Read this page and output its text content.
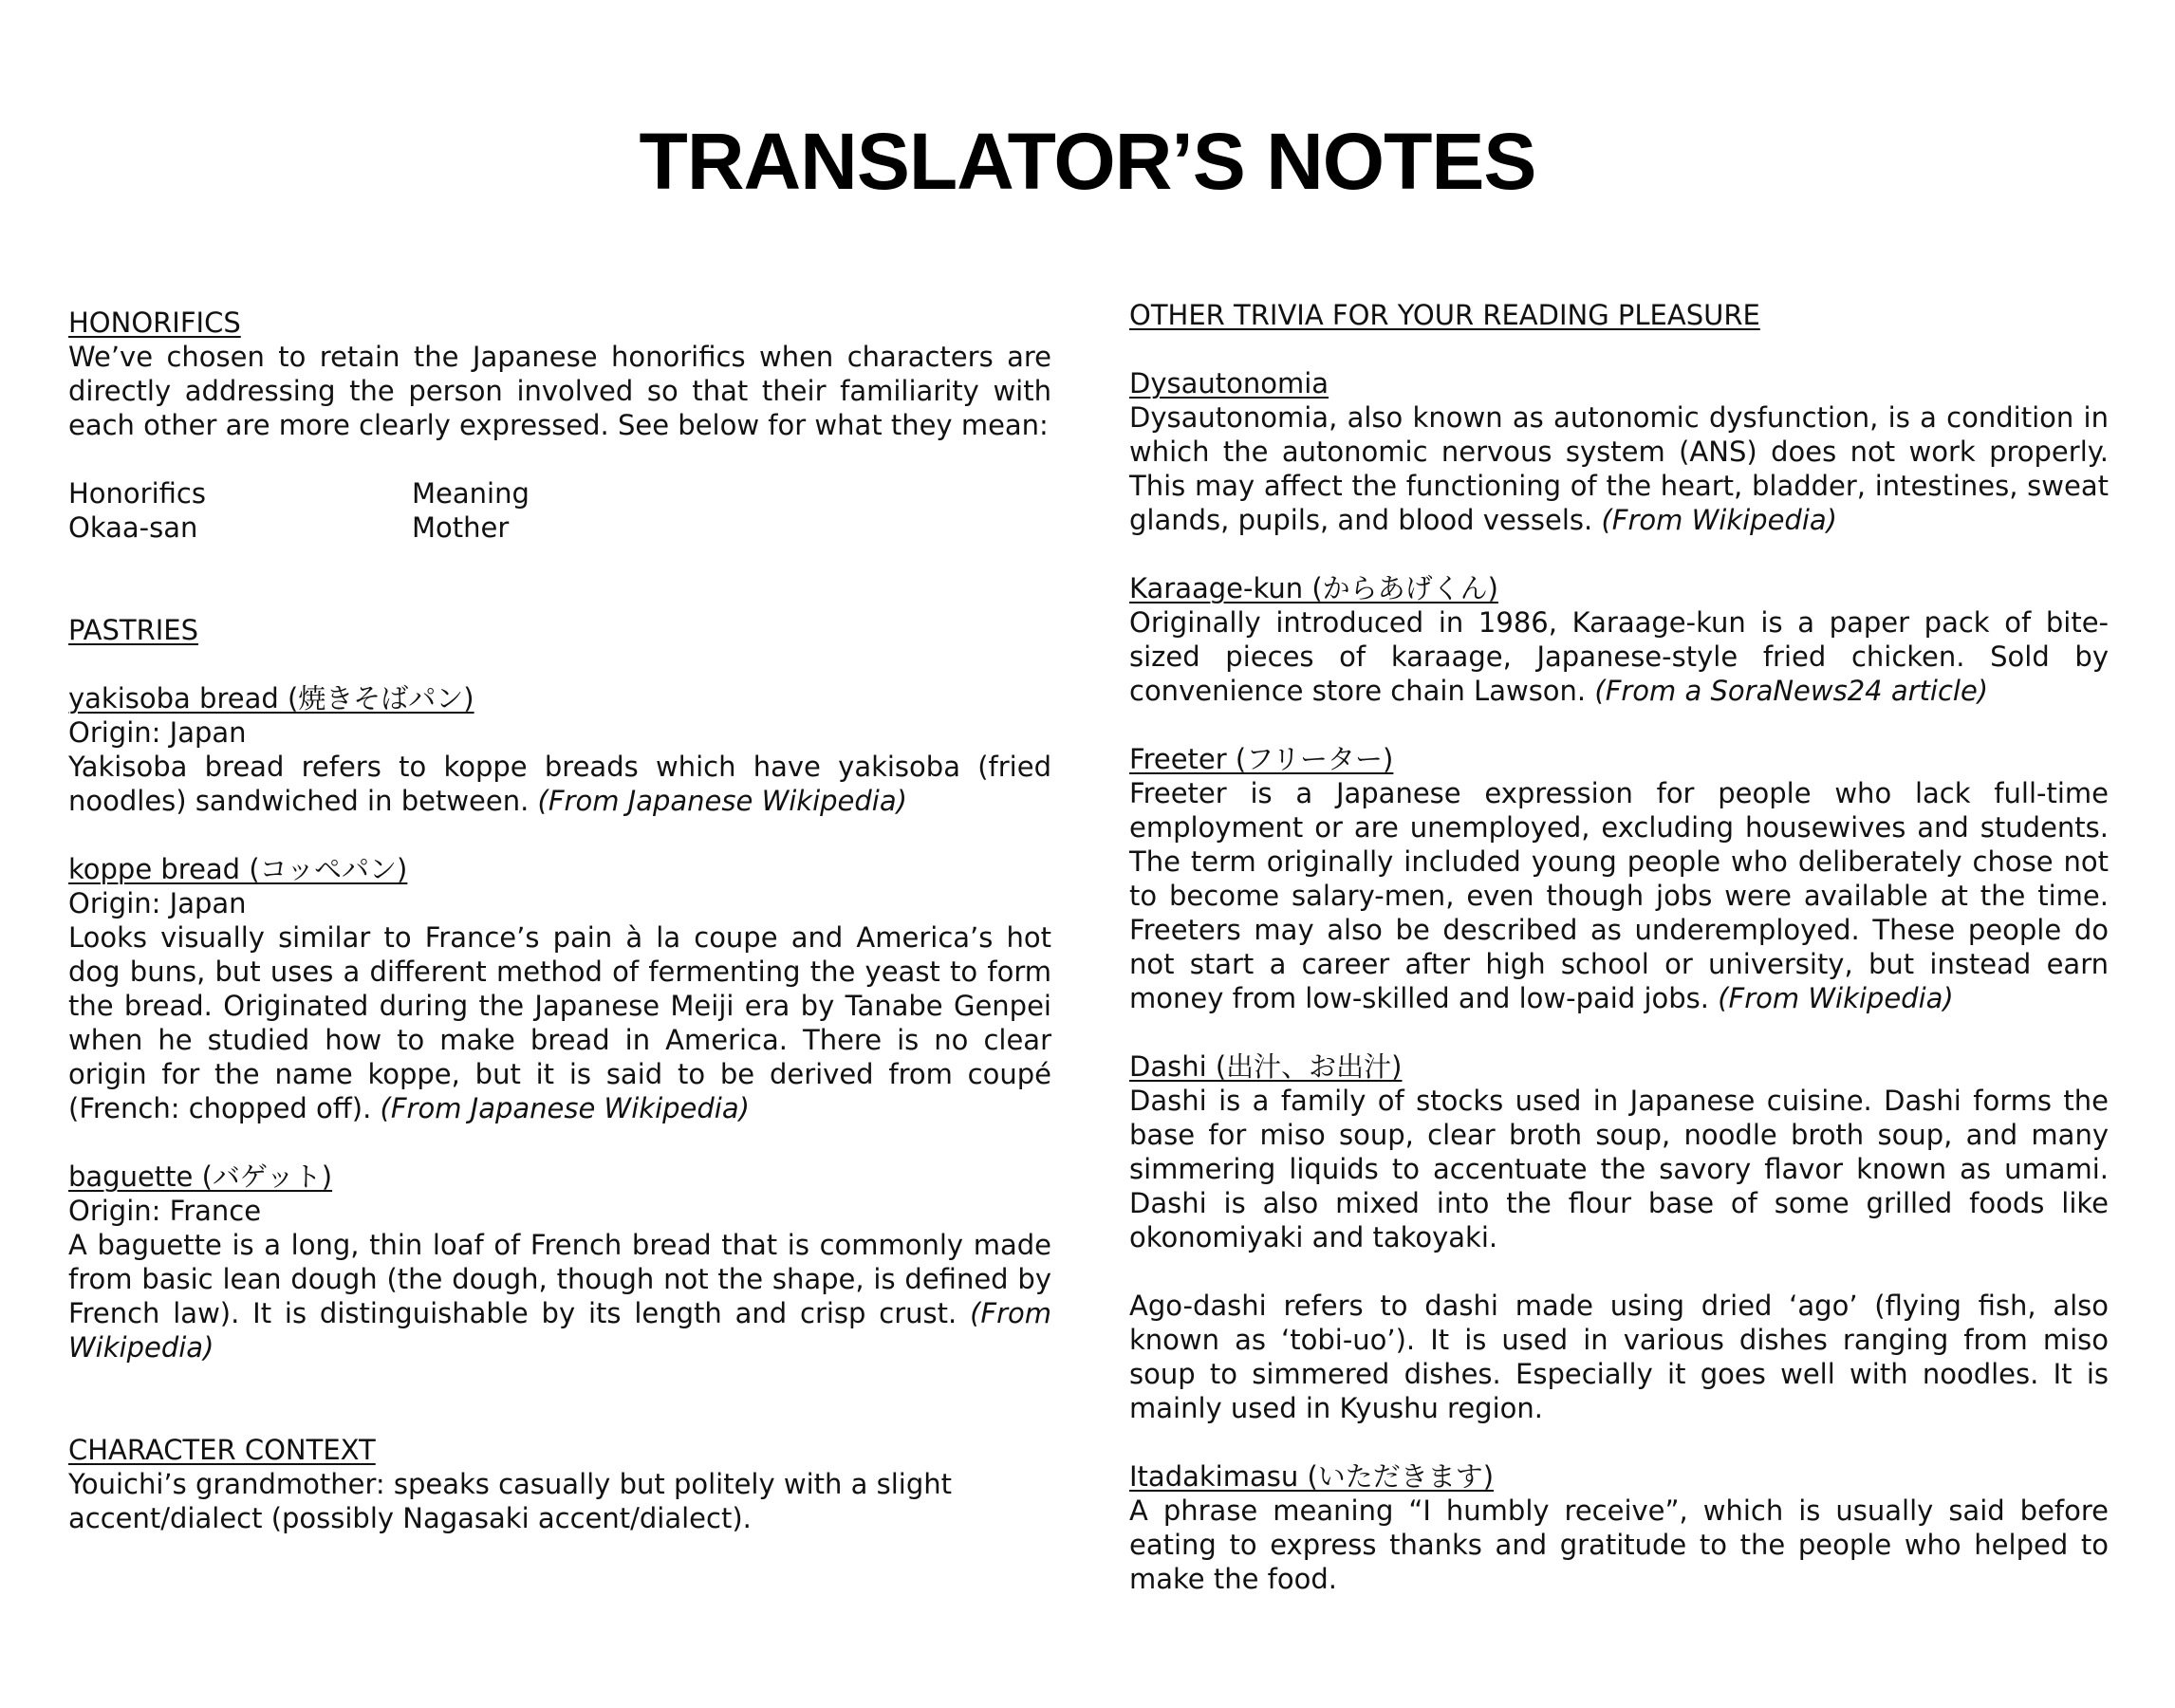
TRANSLATOR’S NOTES
HONORIFICS
We’ve chosen to retain the Japanese honorifics when characters are directly addressing the person involved so that their familiarity with each other are more clearly expressed. See below for what they mean:
Honorifics	Meaning
Okaa-san	Mother
PASTRIES
yakisoba bread (焼きそばパン)
Origin: Japan
Yakisoba bread refers to koppe breads which have yakisoba (fried noodles) sandwiched in between. (From Japanese Wikipedia)
koppe bread (コッペパン)
Origin: Japan
Looks visually similar to France’s pain à la coupe and America’s hot dog buns, but uses a different method of fermenting the yeast to form the bread. Originated during the Japanese Meiji era by Tanabe Genpei when he studied how to make bread in America. There is no clear origin for the name koppe, but it is said to be derived from coupé (French: chopped off). (From Japanese Wikipedia)
baguette (バゲット)
Origin: France
A baguette is a long, thin loaf of French bread that is commonly made from basic lean dough (the dough, though not the shape, is defined by French law). It is distinguishable by its length and crisp crust. (From Wikipedia)
CHARACTER CONTEXT
Youichi’s grandmother: speaks casually but politely with a slight accent/dialect (possibly Nagasaki accent/dialect).
OTHER TRIVIA FOR YOUR READING PLEASURE
Dysautonomia
Dysautonomia, also known as autonomic dysfunction, is a condition in which the autonomic nervous system (ANS) does not work properly. This may affect the functioning of the heart, bladder, intestines, sweat glands, pupils, and blood vessels. (From Wikipedia)
Karaage-kun (からあげくん)
Originally introduced in 1986, Karaage-kun is a paper pack of bite-sized pieces of karaage, Japanese-style fried chicken. Sold by convenience store chain Lawson. (From a SoraNews24 article)
Freeter (フリーター)
Freeter is a Japanese expression for people who lack full-time employment or are unemployed, excluding housewives and students. The term originally included young people who deliberately chose not to become salary-men, even though jobs were available at the time. Freeters may also be described as underemployed. These people do not start a career after high school or university, but instead earn money from low-skilled and low-paid jobs. (From Wikipedia)
Dashi (出汁、お出汁)
Dashi is a family of stocks used in Japanese cuisine. Dashi forms the base for miso soup, clear broth soup, noodle broth soup, and many simmering liquids to accentuate the savory flavor known as umami. Dashi is also mixed into the flour base of some grilled foods like okonomiyaki and takoyaki.
Ago-dashi refers to dashi made using dried ‘ago’ (flying fish, also known as ‘tobi-uo’). It is used in various dishes ranging from miso soup to simmered dishes. Especially it goes well with noodles. It is mainly used in Kyushu region.
Itadakimasu (いただきます)
A phrase meaning “I humbly receive”, which is usually said before eating to express thanks and gratitude to the people who helped to make the food.
